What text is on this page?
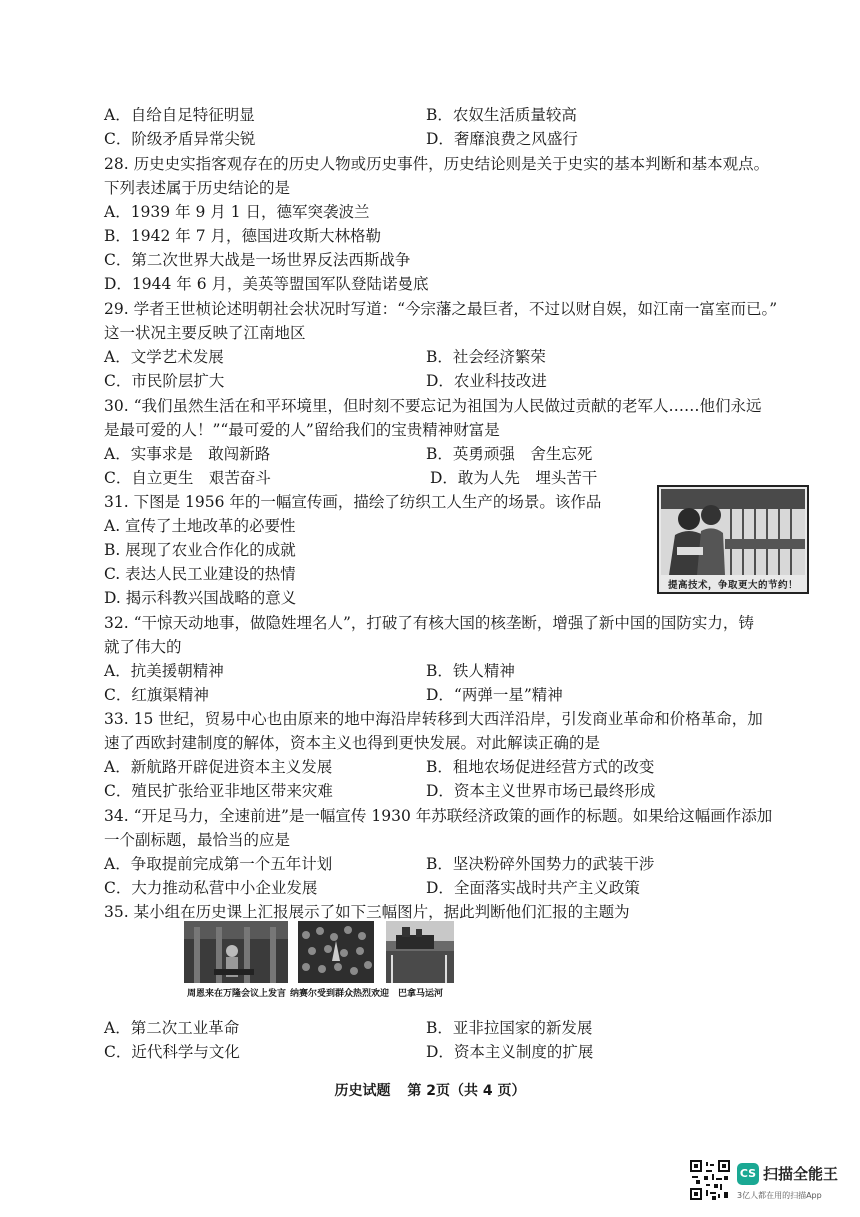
A．自给自足特征明显	B．农奴生活质量较高
C．阶级矛盾异常尖锐	D．奢靡浪费之风盛行
28. 历史史实指客观存在的历史人物或历史事件，历史结论则是关于史实的基本判断和基本观点。
下列表述属于历史结论的是
A．1939 年 9 月 1 日，德军突袭波兰
B．1942 年 7 月，德国进攻斯大林格勒
C．第二次世界大战是一场世界反法西斯战争
D．1944 年 6 月，美英等盟国军队登陆诺曼底
29. 学者王世桢论述明朝社会状况时写道：“今宗藩之最巨者，不过以财自娱，如江南一富室而已。”
这一状况主要反映了江南地区
A．文学艺术发展	B．社会经济繁荣
C．市民阶层扩大	D．农业科技改进
30. “我们虽然生活在和平环境里，但时刻不要忘记为祖国为人民做过贡献的老军人……他们永远
是最可爱的人！”“最可爱的人”留给我们的宝贵精神财富是
A．实事求是　敢闯新路	B．英勇顽强　舍生忘死
C．自立更生　艰苦奋斗	D．敢为人先　埋头苦干
31. 下图是 1956 年的一幅宣传画，描绘了纺织工人生产的场景。该作品
A. 宣传了土地改革的必要性
B. 展现了农业合作化的成就
C. 表达人民工业建设的热情
D. 揭示科教兴国战略的意义
提高技术，争取更大的节约！
32. “干惊天动地事，做隐姓埋名人”，打破了有核大国的核垄断，增强了新中国的国防实力，铸
就了伟大的
A．抗美援朝精神	B．铁人精神
C．红旗渠精神	D．“两弹一星”精神
33. 15 世纪，贸易中心也由原来的地中海沿岸转移到大西洋沿岸，引发商业革命和价格革命，加
速了西欧封建制度的解体，资本主义也得到更快发展。对此解读正确的是
A．新航路开辟促进资本主义发展	B．租地农场促进经营方式的改变
C．殖民扩张给亚非地区带来灾难	D．资本主义世界市场已最终形成
34. “开足马力，全速前进”是一幅宣传 1930 年苏联经济政策的画作的标题。如果给这幅画作添加
一个副标题，最恰当的应是
A．争取提前完成第一个五年计划	B．坚决粉碎外国势力的武装干涉
C．大力推动私营中小企业发展	D．全面落实战时共产主义政策
35. 某小组在历史课上汇报展示了如下三幅图片，据此判断他们汇报的主题为
周恩来在万隆会议上发言 纳赛尔受到群众热烈欢迎 巴拿马运河
A．第二次工业革命	B．亚非拉国家的新发展
C．近代科学与文化	D．资本主义制度的扩展
历史试题 第 2页（共 4 页）
CS 扫描全能王
3亿人都在用的扫描App
